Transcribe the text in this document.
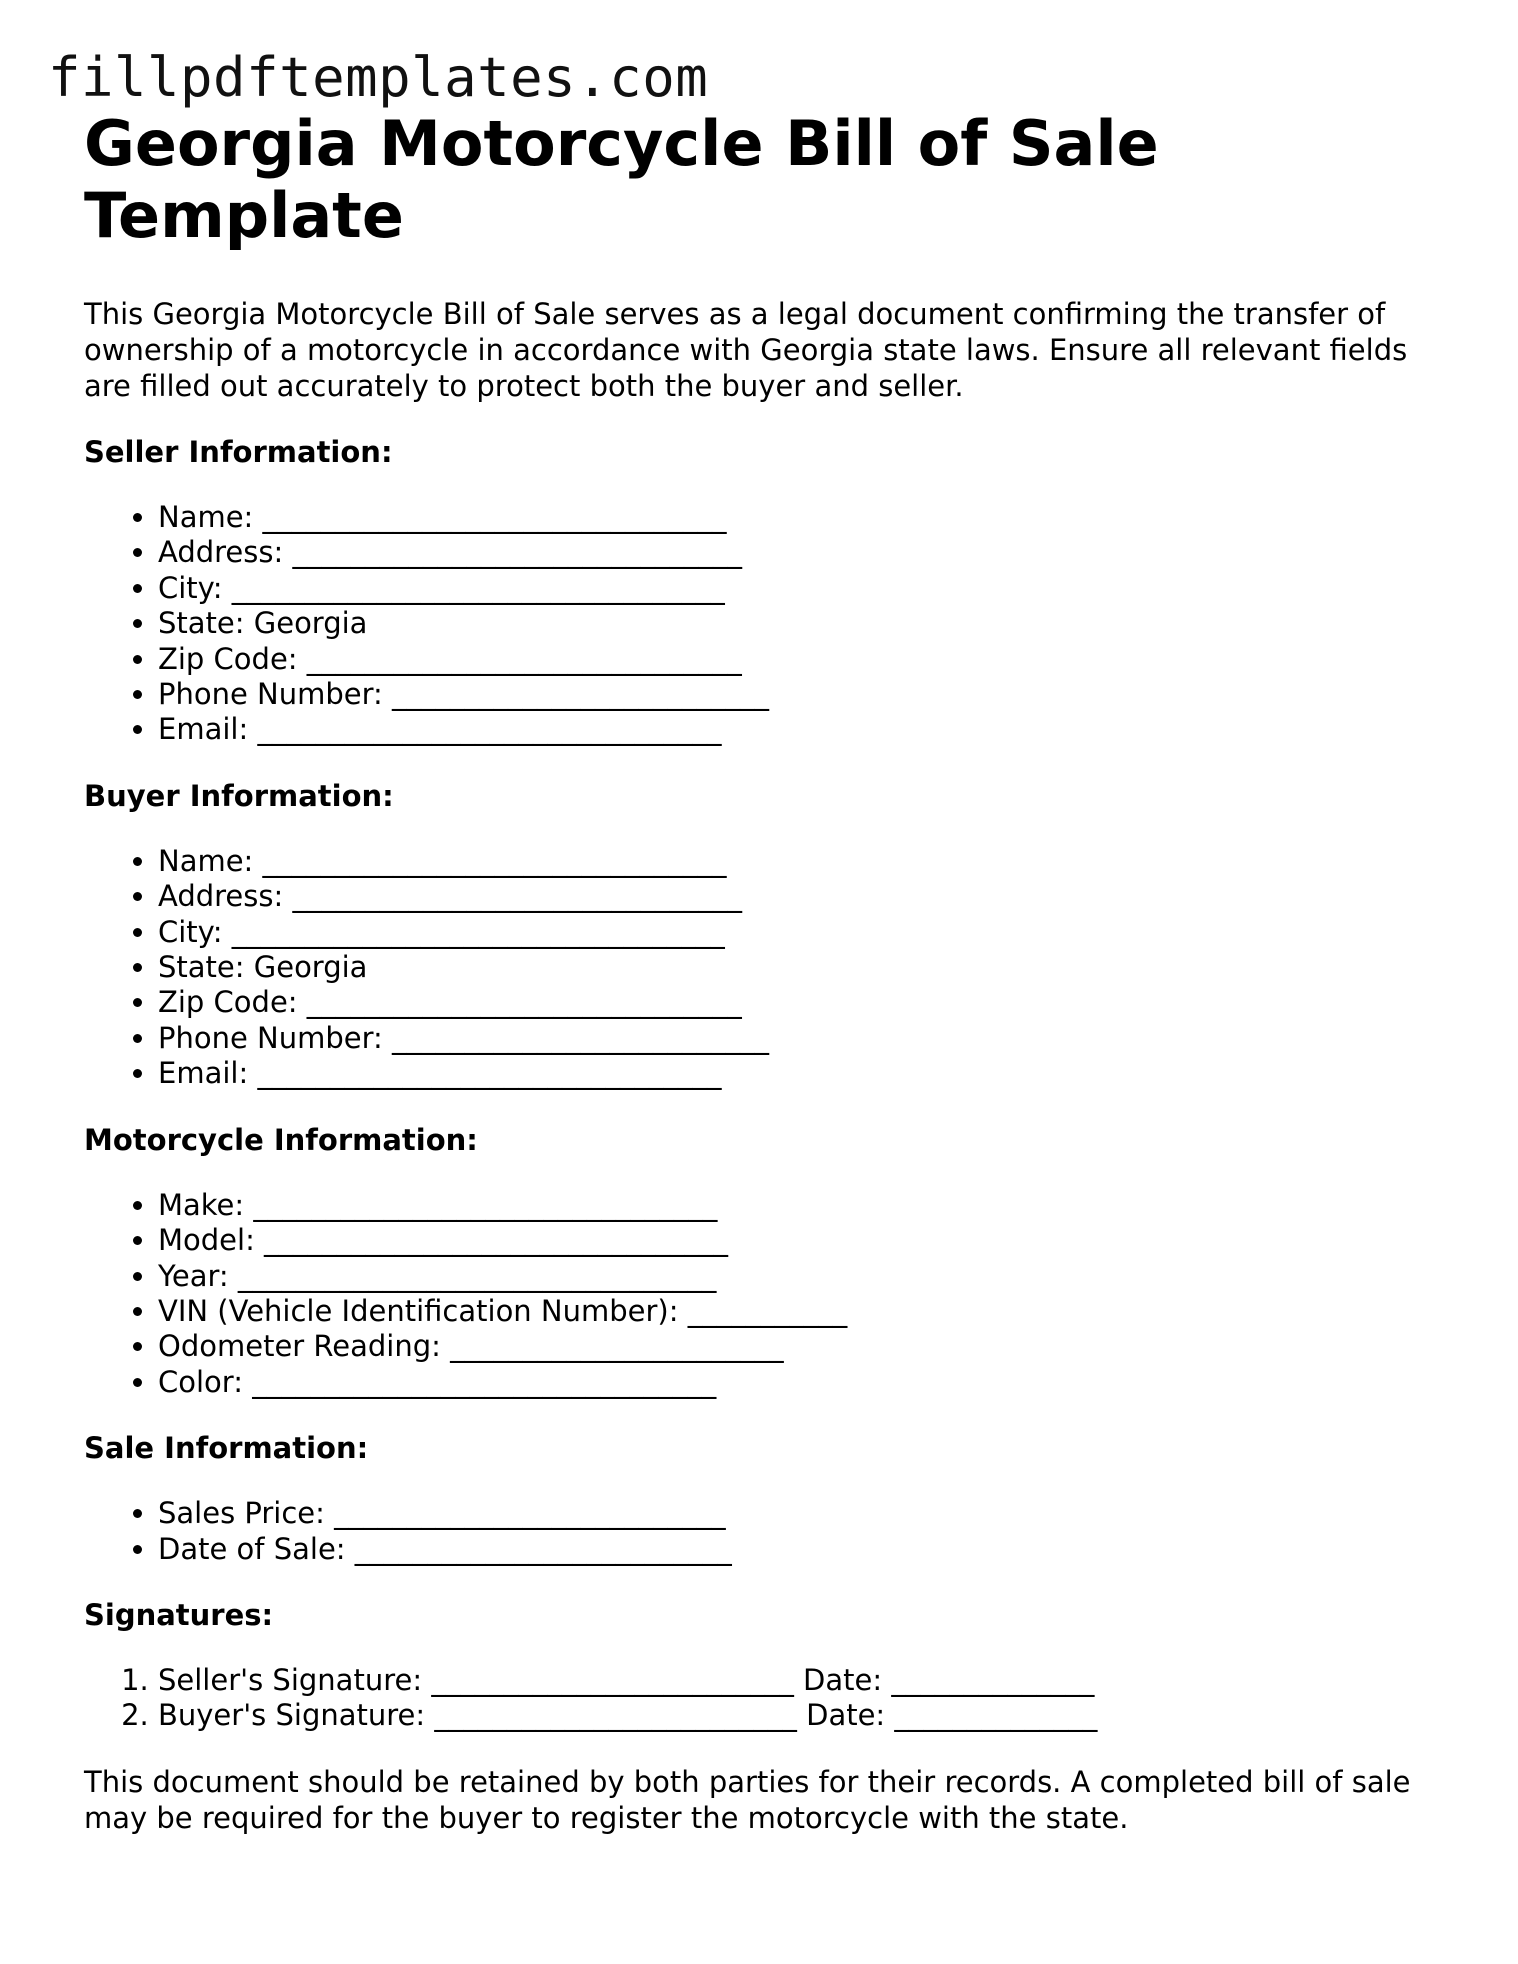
fillpdftemplates.com
Georgia Motorcycle Bill of Sale Template

This Georgia Motorcycle Bill of Sale serves as a legal document confirming the transfer of ownership of a motorcycle in accordance with Georgia state laws. Ensure all relevant fields are filled out accurately to protect both the buyer and seller.

Seller Information:
• Name: ________________________________
• Address: _______________________________
• City: __________________________________
• State: Georgia
• Zip Code: ______________________________
• Phone Number: __________________________
• Email: ________________________________
Buyer Information:
• Name: ________________________________
• Address: _______________________________
• City: __________________________________
• State: Georgia
• Zip Code: ______________________________
• Phone Number: __________________________
• Email: ________________________________
Motorcycle Information:
• Make: ________________________________
• Model: ________________________________
• Year: _________________________________
• VIN (Vehicle Identification Number): ___________
• Odometer Reading: _______________________
• Color: ________________________________
Sale Information:
• Sales Price: ___________________________
• Date of Sale: __________________________
Signatures:
1. Seller's Signature: _________________________ Date: ______________
2. Buyer's Signature: _________________________ Date: ______________

This document should be retained by both parties for their records. A completed bill of sale may be required for the buyer to register the motorcycle with the state.
